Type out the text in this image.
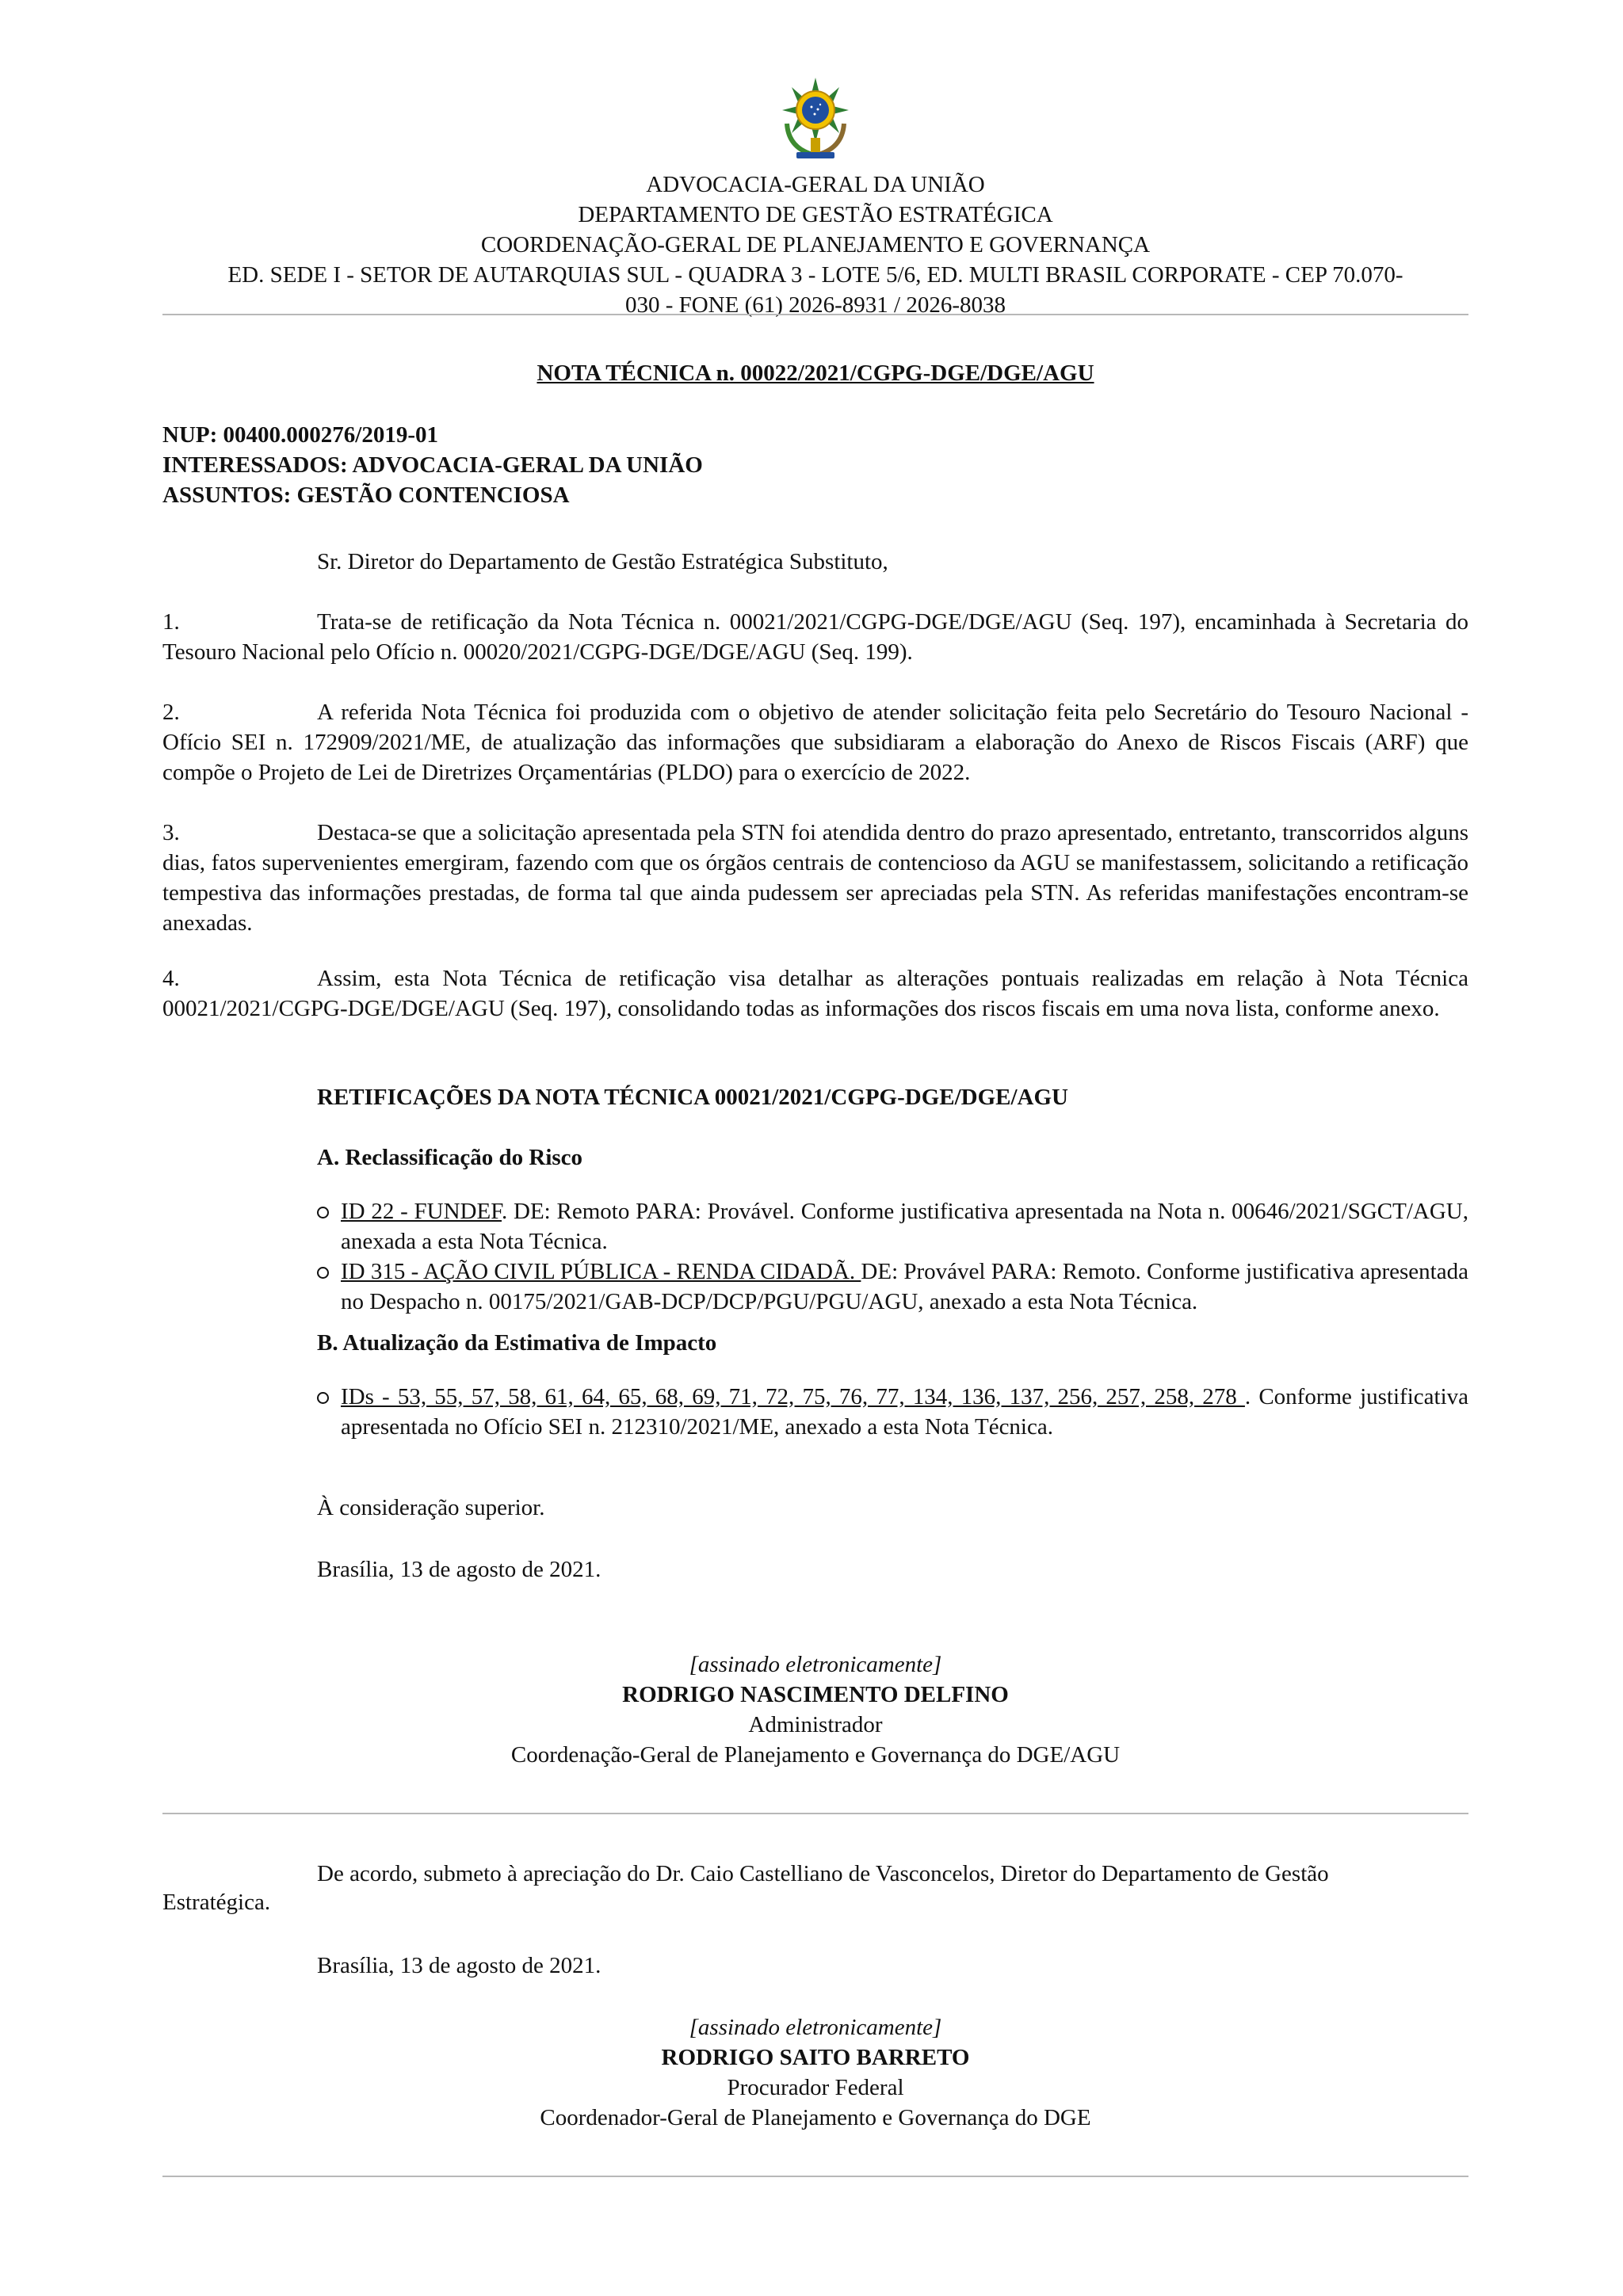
ADVOCACIA-GERAL DA UNIÃO
DEPARTAMENTO DE GESTÃO ESTRATÉGICA
COORDENAÇÃO-GERAL DE PLANEJAMENTO E GOVERNANÇA
ED. SEDE I - SETOR DE AUTARQUIAS SUL - QUADRA 3 - LOTE 5/6, ED. MULTI BRASIL CORPORATE - CEP 70.070-
030 - FONE (61) 2026-8931 / 2026-8038
NOTA TÉCNICA n. 00022/2021/CGPG-DGE/DGE/AGU
NUP: 00400.000276/2019-01
INTERESSADOS: ADVOCACIA-GERAL DA UNIÃO
ASSUNTOS: GESTÃO CONTENCIOSA
Sr. Diretor do Departamento de Gestão Estratégica Substituto,
1.	Trata-se de retificação da Nota Técnica n. 00021/2021/CGPG-DGE/DGE/AGU (Seq. 197), encaminhada à Secretaria do Tesouro Nacional pelo Ofício n. 00020/2021/CGPG-DGE/DGE/AGU (Seq. 199).
2.	A referida Nota Técnica foi produzida com o objetivo de atender solicitação feita pelo Secretário do Tesouro Nacional - Ofício SEI n. 172909/2021/ME, de atualização das informações que subsidiaram a elaboração do Anexo de Riscos Fiscais (ARF) que compõe o Projeto de Lei de Diretrizes Orçamentárias (PLDO) para o exercício de 2022.
3.	Destaca-se que a solicitação apresentada pela STN foi atendida dentro do prazo apresentado, entretanto, transcorridos alguns dias, fatos supervenientes emergiram, fazendo com que os órgãos centrais de contencioso da AGU se manifestassem, solicitando a retificação tempestiva das informações prestadas, de forma tal que ainda pudessem ser apreciadas pela STN. As referidas manifestações encontram-se anexadas.
4.	Assim, esta Nota Técnica de retificação visa detalhar as alterações pontuais realizadas em relação à Nota Técnica 00021/2021/CGPG-DGE/DGE/AGU (Seq. 197), consolidando todas as informações dos riscos fiscais em uma nova lista, conforme anexo.
RETIFICAÇÕES DA NOTA TÉCNICA 00021/2021/CGPG-DGE/DGE/AGU
A. Reclassificação do Risco
ID 22 - FUNDEF. DE: Remoto PARA: Provável. Conforme justificativa apresentada na Nota n. 00646/2021/SGCT/AGU, anexada a esta Nota Técnica.
ID 315 - AÇÃO CIVIL PÚBLICA - RENDA CIDADÃ. DE: Provável PARA: Remoto. Conforme justificativa apresentada no Despacho n. 00175/2021/GAB-DCP/DCP/PGU/PGU/AGU, anexado a esta Nota Técnica.
B. Atualização da Estimativa de Impacto
IDs - 53, 55, 57, 58, 61, 64, 65, 68, 69, 71, 72, 75, 76, 77, 134, 136, 137, 256, 257, 258, 278 . Conforme justificativa apresentada no Ofício SEI n. 212310/2021/ME, anexado a esta Nota Técnica.
À consideração superior.
Brasília, 13 de agosto de 2021.
[assinado eletronicamente]
RODRIGO NASCIMENTO DELFINO
Administrador
Coordenação-Geral de Planejamento e Governança do DGE/AGU
De acordo, submeto à apreciação do Dr. Caio Castelliano de Vasconcelos, Diretor do Departamento de Gestão
Estratégica.
Brasília, 13 de agosto de 2021.
[assinado eletronicamente]
RODRIGO SAITO BARRETO
Procurador Federal
Coordenador-Geral de Planejamento e Governança do DGE
